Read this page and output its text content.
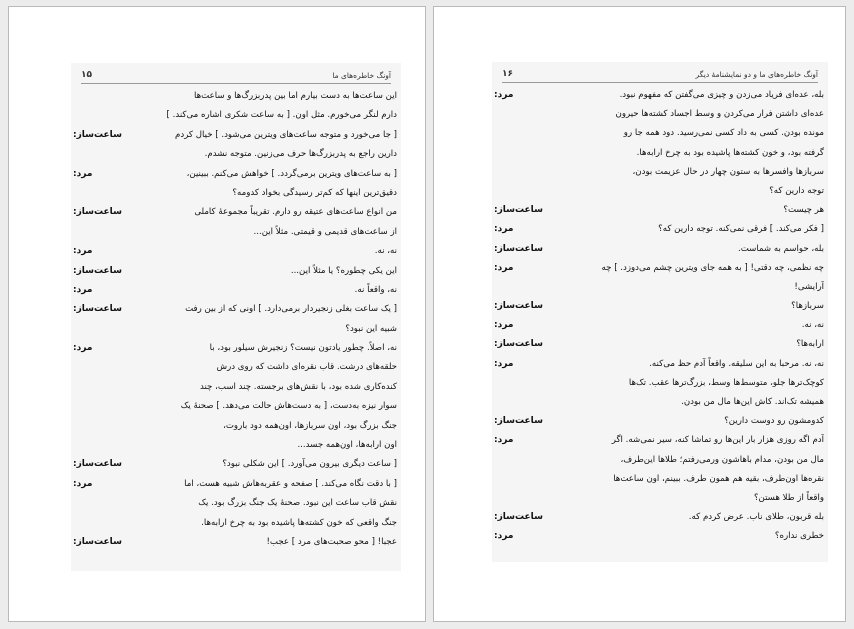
آونگ خاطره‌های ما
۱۵
این ساعت‌ها به دست بیارم اما بین پدربزرگ‌ها و ساعت‌ها
دارم لنگر می‌خورم. مثل اون. [ به ساعت شکری اشاره می‌کند. ]
[ جا می‌خورد و متوجه ساعت‌های ویترین می‌شود. ] خیال کردم
ساعت‌ساز:
دارین راجع به پدربزرگ‌ها حرف می‌زنین. متوجه نشدم.
[ به ساعت‌های ویترین برمی‌گردد. ] خواهش می‌کنم. ببینین،
مرد:
دقیق‌ترین اینها که کم‌تر رسیدگی بخواد کدومه؟
من انواع ساعت‌های عتیقه رو دارم. تقریباً مجموعهٔ کاملی
ساعت‌ساز:
از ساعت‌های قدیمی و قیمتی. مثلاً این...
نه، نه.
مرد:
این یکی چطوره؟ یا مثلاً این...
ساعت‌ساز:
نه، واقعاً نه.
مرد:
[ یک ساعت بغلی زنجیردار برمی‌دارد. ] اونی که از بین رفت
ساعت‌ساز:
شبیه این نبود؟
نه، اصلاً. چطور یادتون نیست؟ زنجیرش سیلور بود، با
مرد:
حلقه‌های درشت. قاب نقره‌ای داشت که روی درش
کنده‌کاری شده بود، با نقش‌های برجسته. چند اسب، چند
سوار نیزه به‌دست، [ به دست‌هاش حالت می‌دهد. ] صحنهٔ یک
جنگ بزرگ بود، اون سربازها، اون‌همه دود باروت،
اون ارابه‌ها، اون‌همه جسد...
[ ساعت دیگری بیرون می‌آورد. ] این شکلی نبود؟
ساعت‌ساز:
[ با دقت نگاه می‌کند. ] صفحه و عقربه‌هاش شبیه هست، اما
مرد:
نقش قاب ساعت این نبود. صحنهٔ یک جنگ بزرگ بود. یک
جنگ واقعی که خون کشته‌ها پاشیده بود به چرخ ارابه‌ها.
عجبا! [ محو صحبت‌های مرد ] عجب!
ساعت‌ساز:
آونگ خاطره‌های ما و دو نمایشنامهٔ دیگر
۱۶
بله، عده‌ای فریاد می‌زدن و چیزی می‌گفتن که مفهوم نبود.
مرد:
عده‌ای داشتن فرار می‌کردن و وسط اجساد کشته‌ها حیرون
مونده بودن. کسی به داد کسی نمی‌رسید. دود همه جا رو
گرفته بود، و خون کشته‌ها پاشیده بود به چرخ ارابه‌ها.
سربازها وافسرها به ستون چهار در حال عزیمت بودن،
توجه دارین که؟
هر چیست؟
ساعت‌ساز:
[ فکر می‌کند. ] فرقی نمی‌کنه. توجه دارین که؟
مرد:
بله، حواسم به شماست.
ساعت‌ساز:
چه نظمی، چه دقتی! [ به همه جای ویترین چشم می‌دوزد. ] چه
مرد:
آرایشی!
سربازها؟
ساعت‌ساز:
نه، نه.
مرد:
ارابه‌ها؟
ساعت‌ساز:
نه، نه. مرحبا به این سلیقه. واقعاً آدم حظ می‌کنه.
مرد:
کوچک‌ترها جلو، متوسط‌ها وسط، بزرگ‌ترها عقب. تک‌ها
همیشه تک‌اند. کاش این‌ها مال من بودن.
کدومشون رو دوست دارین؟
ساعت‌ساز:
آدم اگه روزی هزار بار این‌ها رو تماشا کنه، سیر نمی‌شه. اگر
مرد:
مال من بودن، مدام باهاشون ورمی‌رفتم؛ طلاها این‌طرف،
نقره‌ها اون‌طرف، بقیه هم همون طرف. ببینم، اون ساعت‌ها
واقعاً از طلا هستن؟
بله قربون، طلای ناب. عرض کردم که.
ساعت‌ساز:
خطری نداره؟
مرد:
